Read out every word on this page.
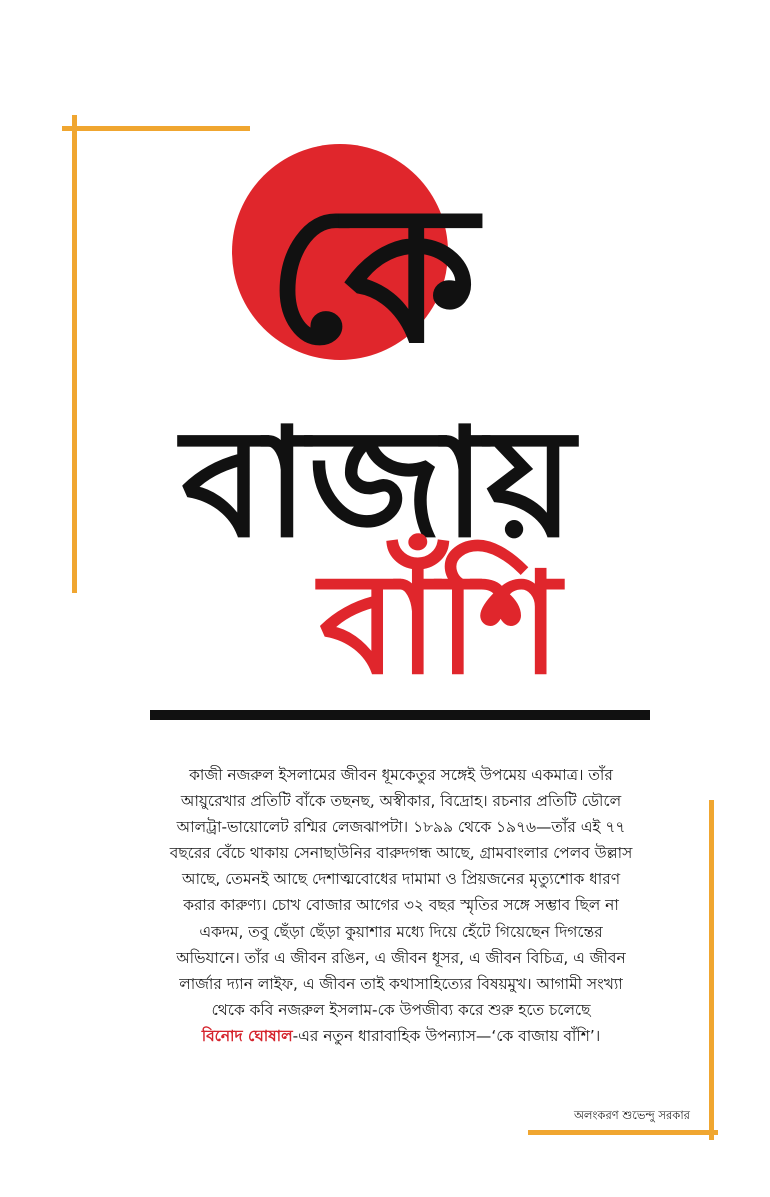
কে
বাজায়
বাঁশি
কাজী নজরুল ইসলামের জীবন ধূমকেতুর সঙ্গেই উপমেয় একমাত্র। তাঁর
আয়ুরেখার প্রতিটি বাঁকে তছনছ, অস্বীকার, বিদ্রোহ। রচনার প্রতিটি ডৌলে
আলট্রা-ভায়োলেট রশ্মির লেজঝাপটা। ১৮৯৯ থেকে ১৯৭৬—তাঁর এই ৭৭
বছরের বেঁচে থাকায় সেনাছাউনির বারুদগন্ধ আছে, গ্রামবাংলার পেলব উল্লাস
আছে, তেমনই আছে দেশাত্মবোধের দামামা ও প্রিয়জনের মৃত্যুশোক ধারণ
করার কারুণ্য। চোখ বোজার আগের ৩২ বছর স্মৃতির সঙ্গে সম্ভাব ছিল না
একদম, তবু ছেঁড়া ছেঁড়া কুয়াশার মধ্যে দিয়ে হেঁটে গিয়েছেন দিগন্তের
অভিযানে। তাঁর এ জীবন রঙিন, এ জীবন ধূসর, এ জীবন বিচিত্র, এ জীবন
লার্জার দ্যান লাইফ, এ জীবন তাই কথাসাহিত্যের বিষয়মুখ। আগামী সংখ্যা
থেকে কবি নজরুল ইসলাম-কে উপজীব্য করে শুরু হতে চলেছে
বিনোদ ঘোষাল-এর নতুন ধারাবাহিক উপন্যাস—‘কে বাজায় বাঁশি’।
অলংকরণ শুভেন্দু সরকার
